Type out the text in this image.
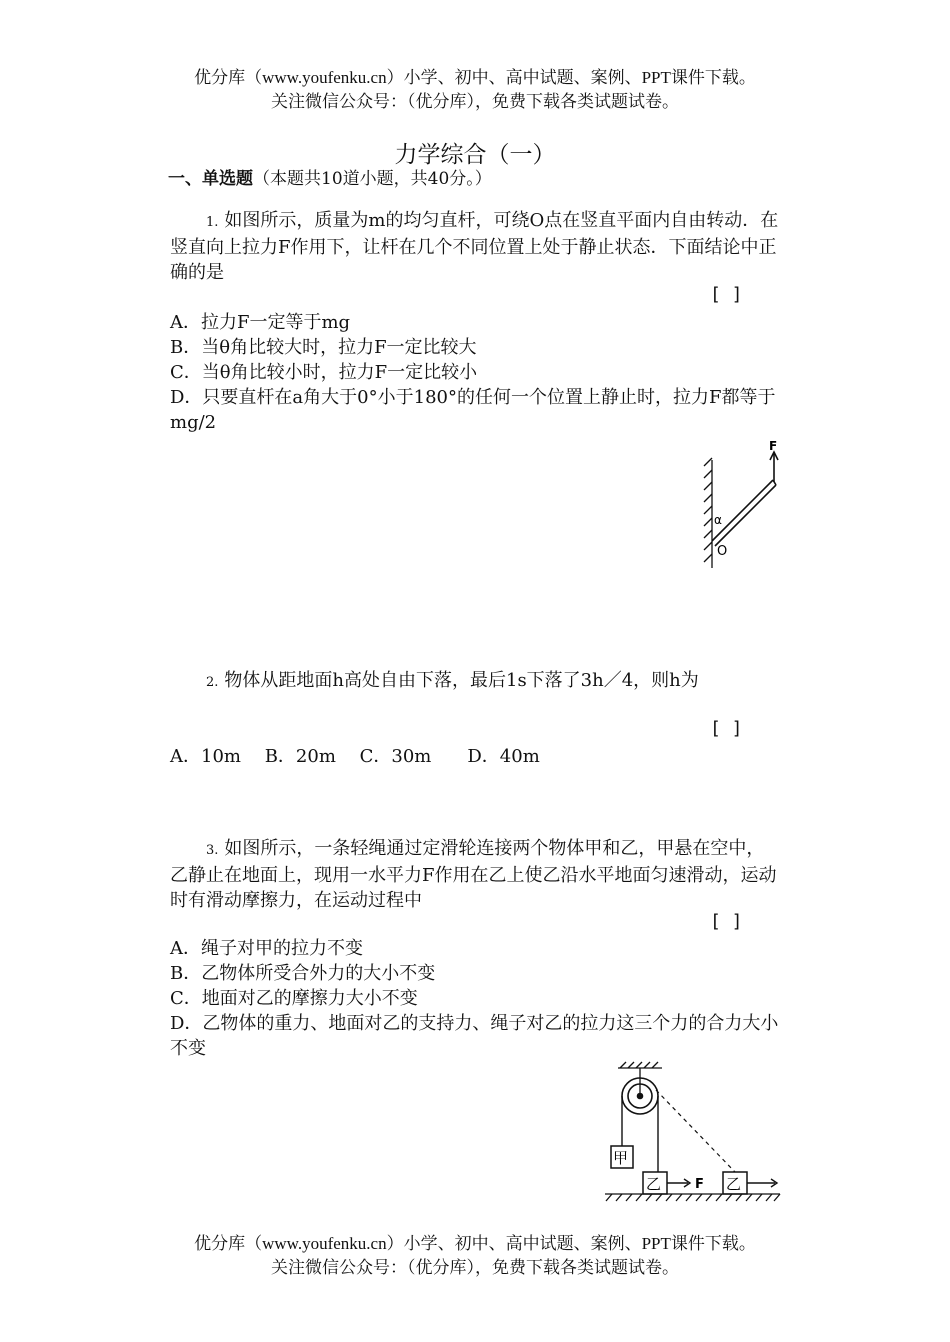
优分库（www.youfenku.cn）小学、初中、高中试题、案例、PPT课件下载。
关注微信公众号：（优分库），免费下载各类试题试卷。
力学综合（一）
一、单选题（本题共10道小题，共40分。）
1. 如图所示，质量为m的均匀直杆，可绕O点在竖直平面内自由转动．在竖直向上拉力F作用下，让杆在几个不同位置上处于静止状态．下面结论中正确的是
[ ]
A．拉力F一定等于mg
B．当θ角比较大时，拉力F一定比较大
C．当θ角比较小时，拉力F一定比较小
D．只要直杆在a角大于0°小于180°的任何一个位置上静止时，拉力F都等于mg/2
F
α
O
2. 物体从距地面h高处自由下落，最后1s下落了3h／4，则h为
[ ]
A．10m　 B．20m　 C．30m　　D．40m
3. 如图所示，一条轻绳通过定滑轮连接两个物体甲和乙，甲悬在空中，乙静止在地面上，现用一水平力F作用在乙上使乙沿水平地面匀速滑动，运动时有滑动摩擦力，在运动过程中
[ ]
A．绳子对甲的拉力不变
B．乙物体所受合外力的大小不变
C．地面对乙的摩擦力大小不变
D．乙物体的重力、地面对乙的支持力、绳子对乙的拉力这三个力的合力大小不变
甲
乙	F 乙
优分库（www.youfenku.cn）小学、初中、高中试题、案例、PPT课件下载。
关注微信公众号：（优分库），免费下载各类试题试卷。
